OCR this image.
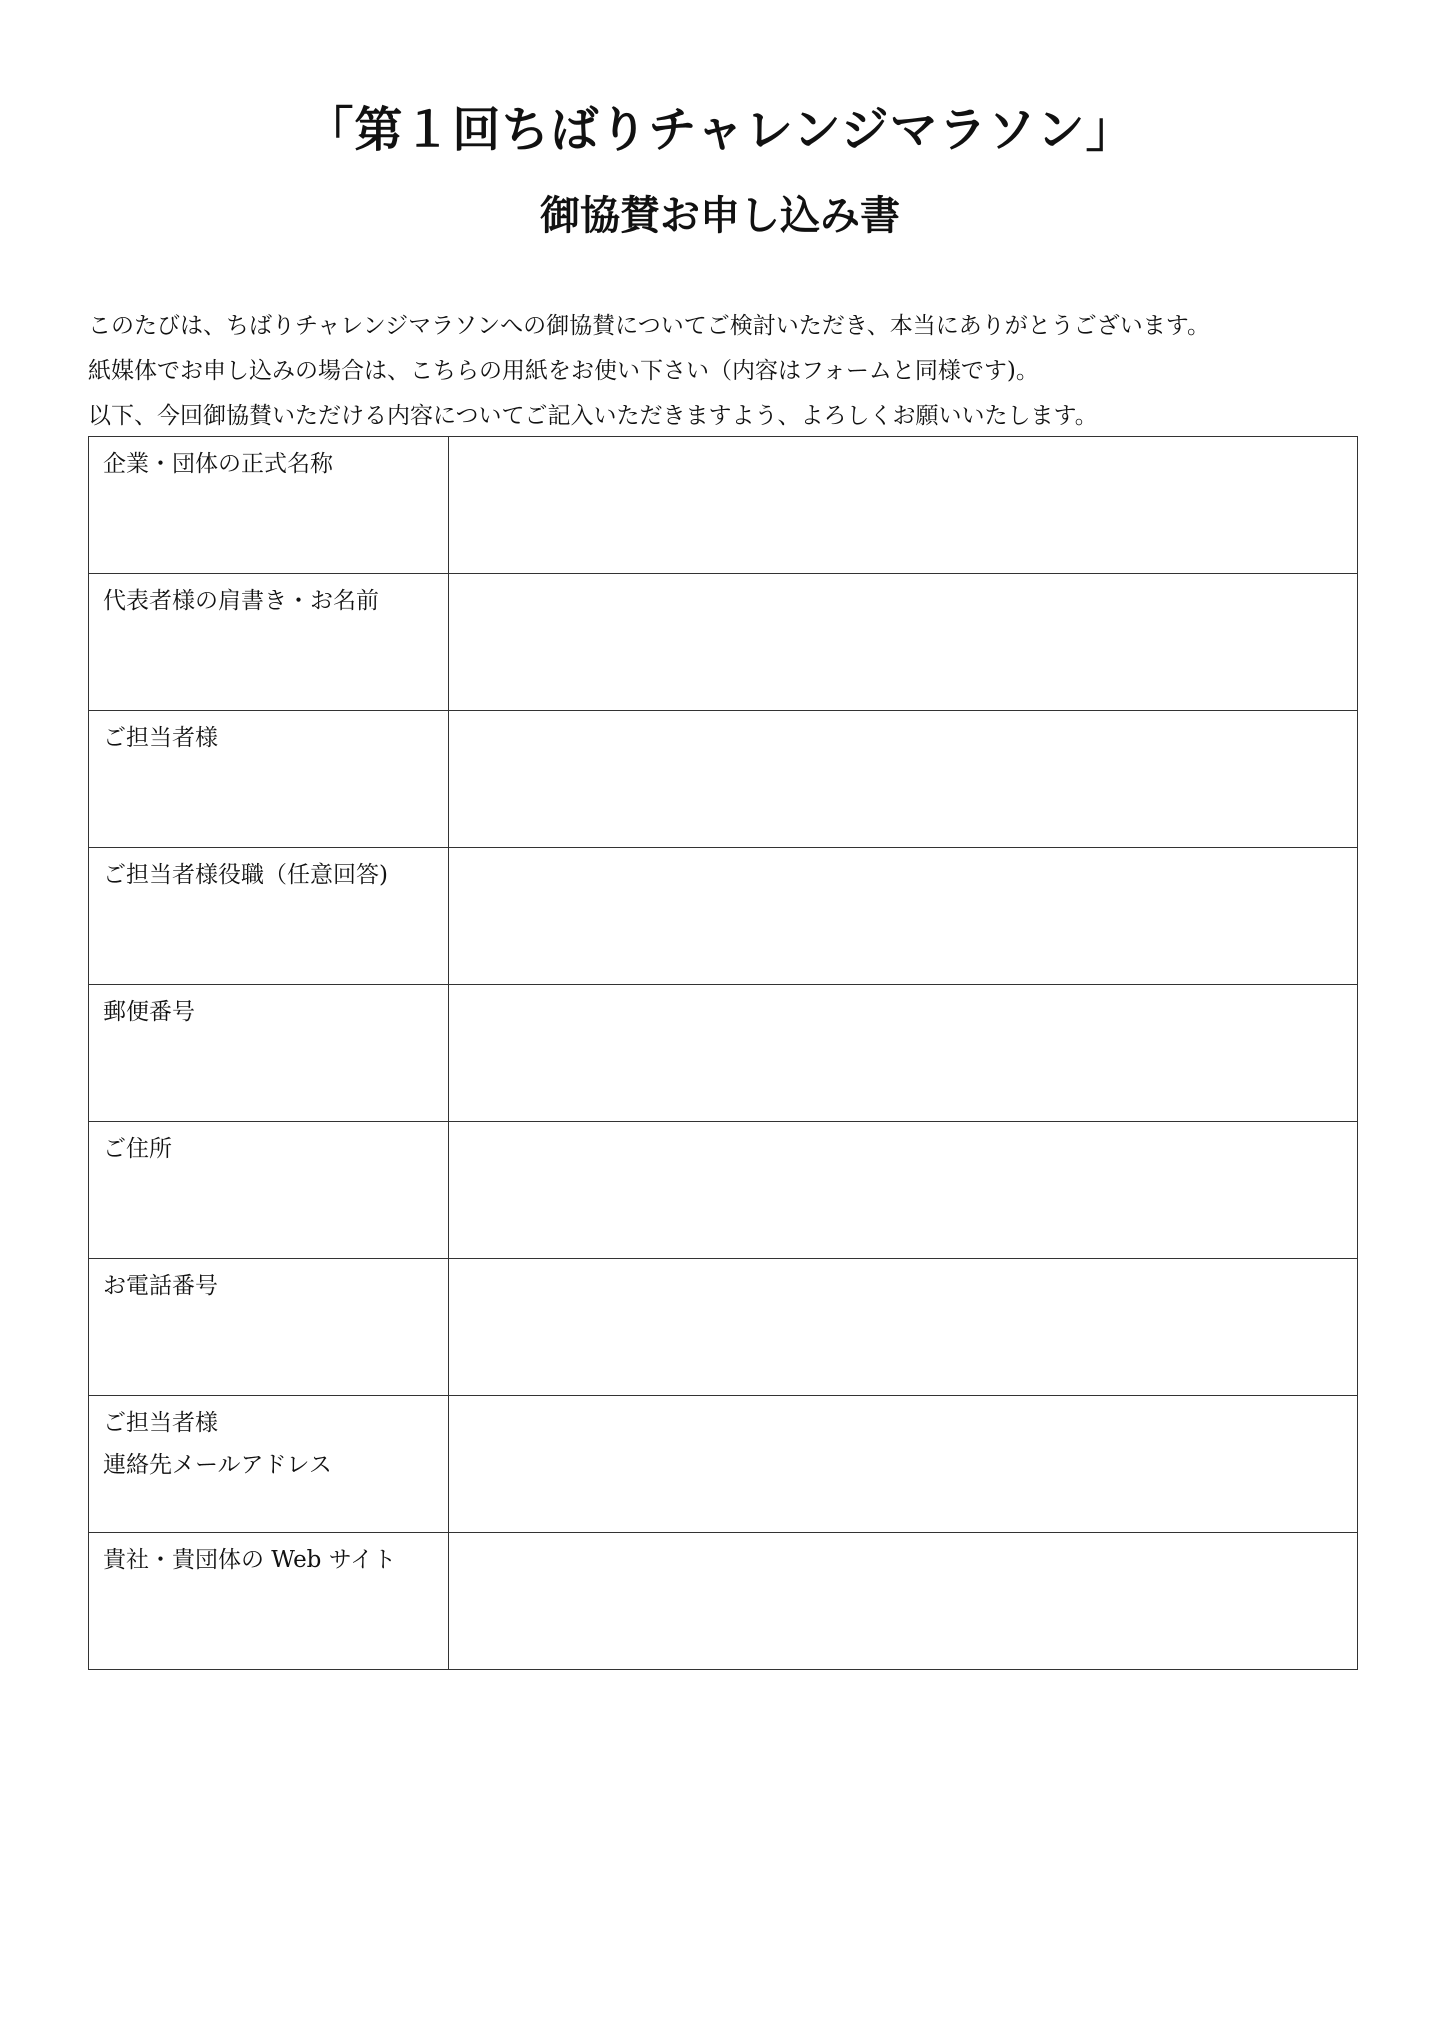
「第１回ちばりチャレンジマラソン」
御協賛お申し込み書

このたびは、ちばりチャレンジマラソンへの御協賛についてご検討いただき、本当にありがとうございます。

紙媒体でお申し込みの場合は、こちらの用紙をお使い下さい（内容はフォームと同様です)。

以下、今回御協賛いただける内容についてご記入いただきますよう、よろしくお願いいたします。

企業・団体の正式名称	

代表者様の肩書き・お名前	

ご担当者様	

ご担当者様役職（任意回答)	

郵便番号	

ご住所	

お電話番号	

ご担当者様
連絡先メールアドレス	

貴社・貴団体の Web サイト	
